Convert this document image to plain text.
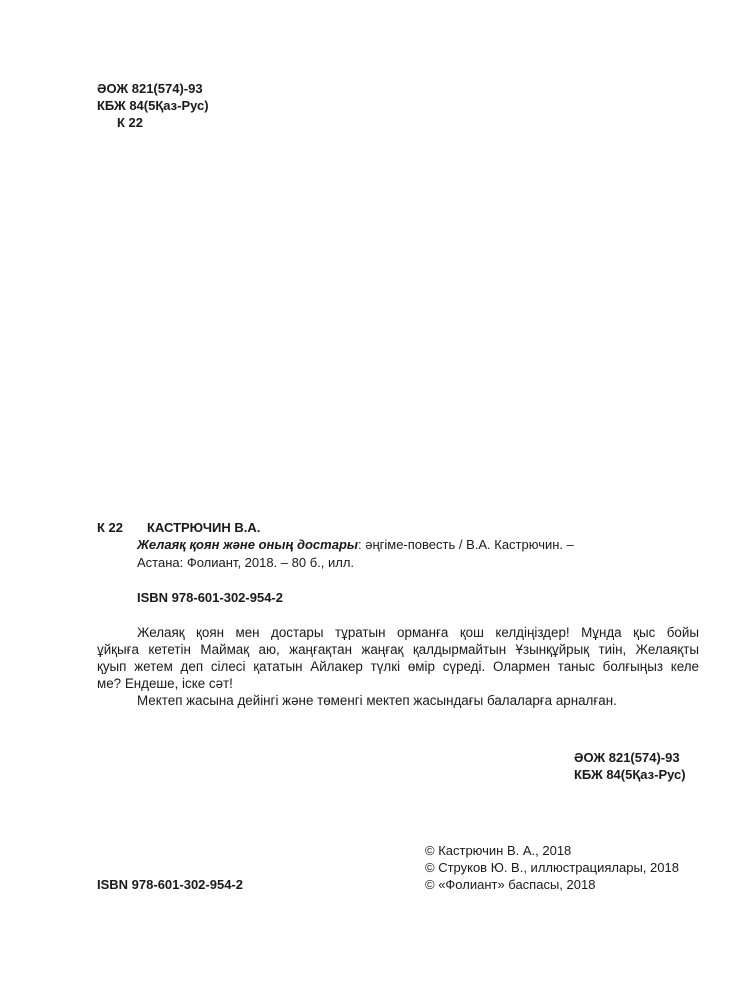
ӘОЖ 821(574)-93
КБЖ 84(5Қаз-Рус)
К 22
К 22 КАСТРЮЧИН В.А.
Желаяқ қоян және оның достары: әңгіме-повесть / В.А. Кастрючин. –
Астана: Фолиант, 2018. – 80 б., илл.
ISBN 978-601-302-954-2
Желаяқ қоян мен достары тұратын орманға қош келдіңіздер! Мұнда қыс бойы
ұйқыға кететін Маймақ аю, жаңғақтан жаңғақ қалдырмайтын Ұзынқұйрық тиін, Желаяқты
қуып жетем деп сілесі қататын Айлакер түлкі өмір сүреді. Олармен таныс болғыңыз келе
ме? Ендеше, іске сәт!
Мектеп жасына дейінгі және төменгі мектеп жасындағы балаларға арналған.
ӘОЖ 821(574)-93
КБЖ 84(5Қаз-Рус)
ISBN 978-601-302-954-2
© Кастрючин В. А., 2018
© Струков Ю. В., иллюстрациялары, 2018
© «Фолиант» баспасы, 2018
